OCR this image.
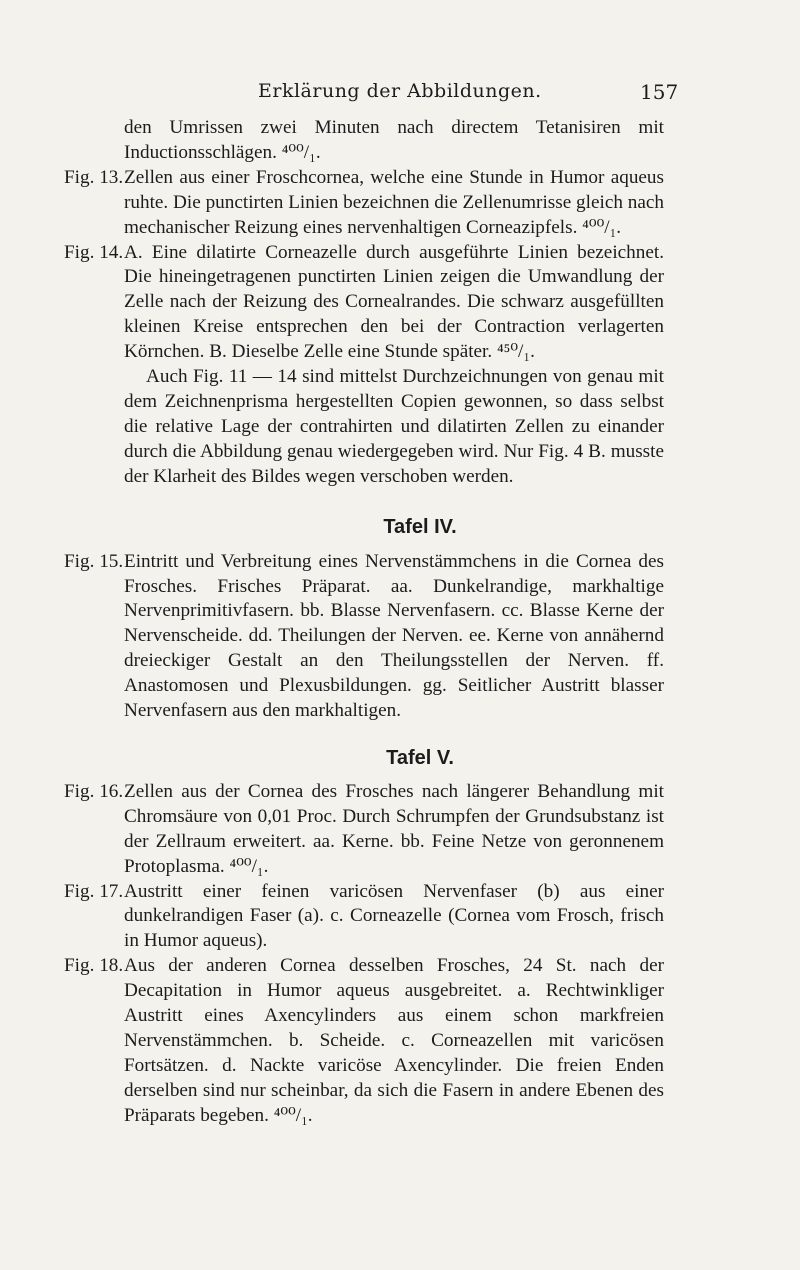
Erklärung der Abbildungen.	157

den Umrissen zwei Minuten nach directem Tetanisiren mit Inductionsschlägen. ⁴⁰⁰/₁.

Fig. 13. Zellen aus einer Froschcornea, welche eine Stunde in Humor aqueus ruhte. Die punctirten Linien bezeichnen die Zellenumrisse gleich nach mechanischer Reizung eines nervenhaltigen Corneazipfels. ⁴⁰⁰/₁.

Fig. 14. A. Eine dilatirte Corneazelle durch ausgeführte Linien bezeichnet. Die hineingetragenen punctirten Linien zeigen die Umwandlung der Zelle nach der Reizung des Cornealrandes. Die schwarz ausgefüllten kleinen Kreise entsprechen den bei der Contraction verlagerten Körnchen. B. Dieselbe Zelle eine Stunde später. ⁴⁵⁰/₁.

Auch Fig. 11 — 14 sind mittelst Durchzeichnungen von genau mit dem Zeichnenprisma hergestellten Copien gewonnen, so dass selbst die relative Lage der contrahirten und dilatirten Zellen zu einander durch die Abbildung genau wiedergegeben wird. Nur Fig. 4 B. musste der Klarheit des Bildes wegen verschoben werden.

Tafel IV.
Fig. 15. Eintritt und Verbreitung eines Nervenstämmchens in die Cornea des Frosches. Frisches Präparat. aa. Dunkelrandige, markhaltige Nervenprimitivfasern. bb. Blasse Nervenfasern. cc. Blasse Kerne der Nervenscheide. dd. Theilungen der Nerven. ee. Kerne von annähernd dreieckiger Gestalt an den Theilungsstellen der Nerven. ff. Anastomosen und Plexusbildungen. gg. Seitlicher Austritt blasser Nervenfasern aus den markhaltigen.

Tafel V.
Fig. 16. Zellen aus der Cornea des Frosches nach längerer Behandlung mit Chromsäure von 0,01 Proc. Durch Schrumpfen der Grundsubstanz ist der Zellraum erweitert. aa. Kerne. bb. Feine Netze von geronnenem Protoplasma. ⁴⁰⁰/₁.

Fig. 17. Austritt einer feinen varicösen Nervenfaser (b) aus einer dunkelrandigen Faser (a). c. Corneazelle (Cornea vom Frosch, frisch in Humor aqueus).

Fig. 18. Aus der anderen Cornea desselben Frosches, 24 St. nach der Decapitation in Humor aqueus ausgebreitet. a. Rechtwinkliger Austritt eines Axencylinders aus einem schon markfreien Nervenstämmchen. b. Scheide. c. Corneazellen mit varicösen Fortsätzen. d. Nackte varicöse Axencylinder. Die freien Enden derselben sind nur scheinbar, da sich die Fasern in andere Ebenen des Präparats begeben. ⁴⁰⁰/₁.
